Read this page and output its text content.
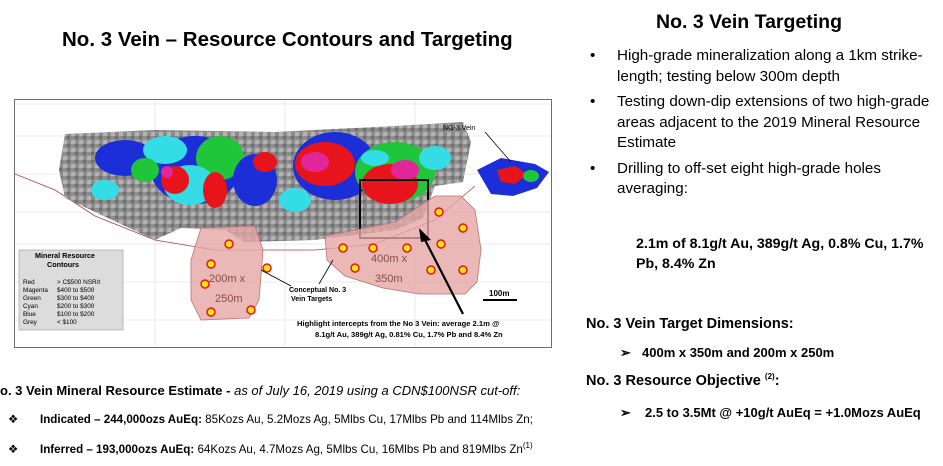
No. 3 Vein – Resource Contours and Targeting
No. 3 Vein Targeting
• High-grade mineralization along a 1km strike-length; testing below 300m depth
• Testing down-dip extensions of two high-grade areas adjacent to the 2019 Mineral Resource Estimate
• Drilling to off-set eight high-grade holes averaging:
2.1m of 8.1g/t Au, 389g/t Ag, 0.8% Cu, 1.7% Pb, 8.4% Zn
No. 3 Vein Target Dimensions:
➢ 400m x 350m and 200m x 250m
No. 3 Resource Objective $^{(2)}$:
➢ 2.5 to 3.5Mt @ +10g/t AuEq = +1.0Mozs AuEq
o. 3 Vein Mineral Resource Estimate - as of July 16, 2019 using a CDN$100NSR cut-off:
❖ Indicated – 244,000ozs AuEq: 85Kozs Au, 5.2Mozs Ag, 5Mlbs Cu, 17Mlbs Pb and 114Mlbs Zn;
❖ Inferred – 193,000ozs AuEq: 64Kozs Au, 4.7Mozs Ag, 5Mlbs Cu, 16Mlbs Pb and 819Mlbs Zn$^{(1)}$
NG-3 Vein
200m x
250m
400m x
350m
Conceptual No. 3
Vein Targets
100m
Highlight intercepts from the No 3 Vein: average 2.1m @
8.1g/t Au, 389g/t Ag, 0.81% Cu, 1.7% Pb and 8.4% Zn
Mineral Resource
Contours
Red	> C$500 NSR/t
Magenta $400 to $500
Green	$300 to $400
Cyan	$200 to $300
Blue	$100 to $200
Grey	< $100
